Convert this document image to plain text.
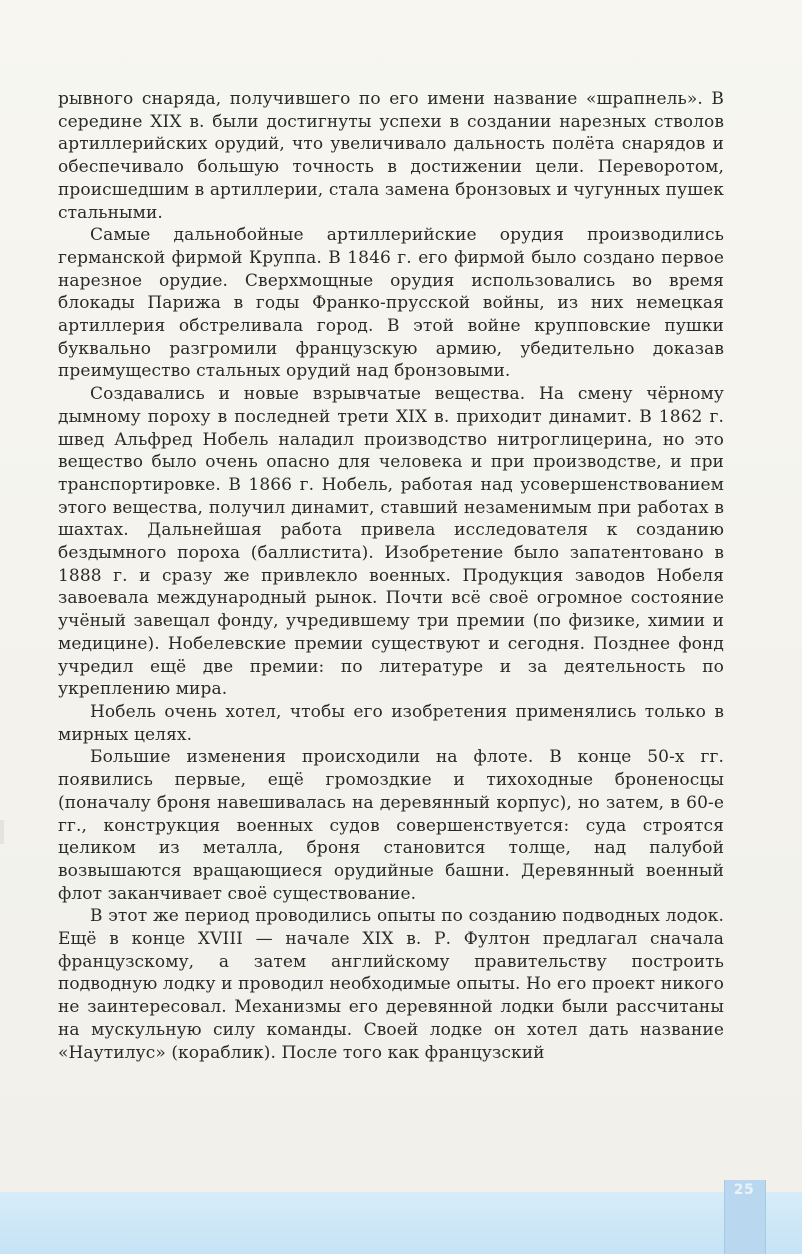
рывного снаряда, получившего по его имени название «шрапнель». В середине XIX в. были достигнуты успехи в создании нарезных стволов артиллерийских орудий, что увеличивало дальность полёта снарядов и обеспечивало большую точность в достижении цели. Переворотом, происшедшим в артиллерии, стала замена бронзовых и чугунных пушек стальными.

Самые дальнобойные артиллерийские орудия производились германской фирмой Круппа. В 1846 г. его фирмой было создано первое нарезное орудие. Сверхмощные орудия использовались во время блокады Парижа в годы Франко-прусской войны, из них немецкая артиллерия обстреливала город. В этой войне крупповские пушки буквально разгромили французскую армию, убедительно доказав преимущество стальных орудий над бронзовыми.

Создавались и новые взрывчатые вещества. На смену чёрному дымному пороху в последней трети XIX в. приходит динамит. В 1862 г. швед Альфред Нобель наладил производство нитроглицерина, но это вещество было очень опасно для человека и при производстве, и при транспортировке. В 1866 г. Нобель, работая над усовершенствованием этого вещества, получил динамит, ставший незаменимым при работах в шахтах. Дальнейшая работа привела исследователя к созданию бездымного пороха (баллистита). Изобретение было запатентовано в 1888 г. и сразу же привлекло военных. Продукция заводов Нобеля завоевала международный рынок. Почти всё своё огромное состояние учёный завещал фонду, учредившему три премии (по физике, химии и медицине). Нобелевские премии существуют и сегодня. Позднее фонд учредил ещё две премии: по литературе и за деятельность по укреплению мира.

Нобель очень хотел, чтобы его изобретения применялись только в мирных целях.

Большие изменения происходили на флоте. В конце 50-х гг. появились первые, ещё громоздкие и тихоходные броненосцы (поначалу броня навешивалась на деревянный корпус), но затем, в 60-е гг., конструкция военных судов совершенствуется: суда строятся целиком из металла, броня становится толще, над палубой возвышаются вращающиеся орудийные башни. Деревянный военный флот заканчивает своё существование.

В этот же период проводились опыты по созданию подводных лодок. Ещё в конце XVIII — начале XIX в. Р. Фултон предлагал сначала французскому, а затем английскому правительству построить подводную лодку и проводил необходимые опыты. Но его проект никого не заинтересовал. Механизмы его деревянной лодки были рассчитаны на мускульную силу команды. Своей лодке он хотел дать название «Наутилус» (кораблик). После того как французский

25
